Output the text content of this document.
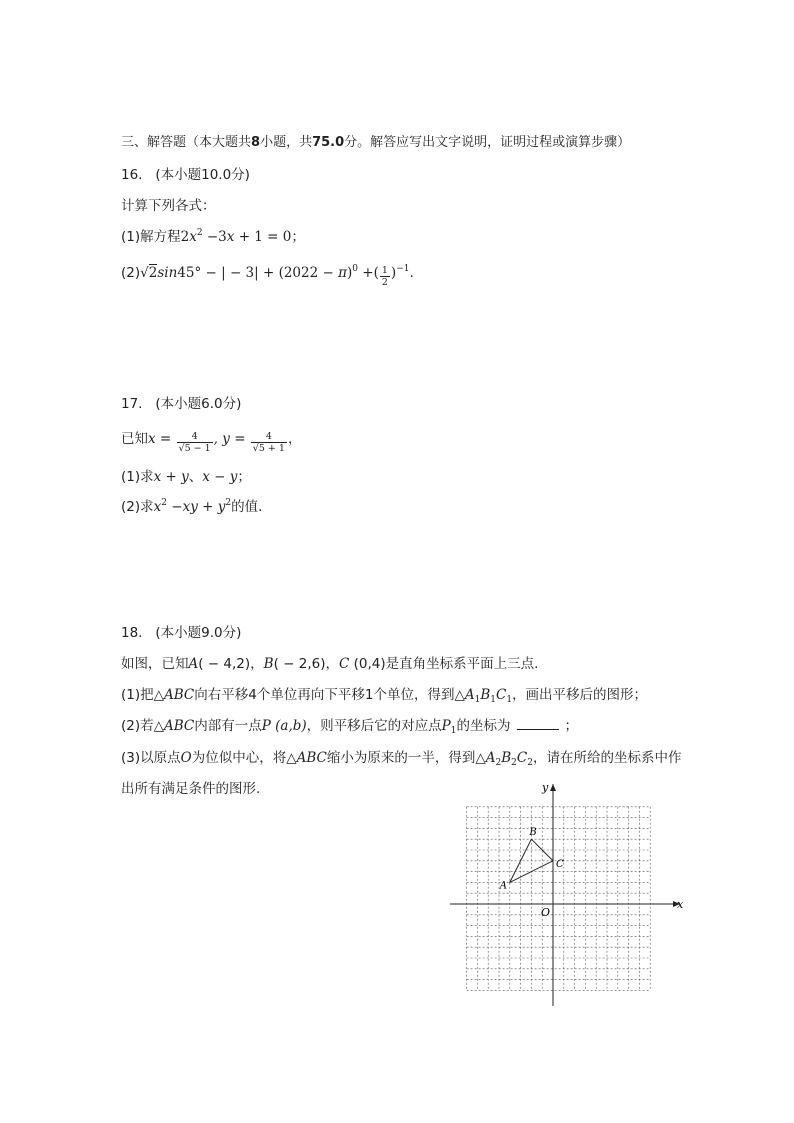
三、解答题（本大题共8小题，共75.0分。解答应写出文字说明，证明过程或演算步骤）
16. (本小题10.0分)
计算下列各式：
(1)解方程$2x^2 -3x + 1 = 0$；
(2)√2sin45° − | − $3| + (2022 - \pi)^0$ +( $\frac{1}{2} )^{-1}$.
17. (本小题6.0分)
已知$x = \frac{4}{√5 - 1}$ , $y = \frac{4}{√5 + 1}$ ，
(1)求x + y、x − y；
(2)求$x^2 -xy + y^2$的值.
18. (本小题9.0分)
如图，已知A( − 4,2)，B( − 2,6)，C (0,4)是直角坐标系平面上三点.
(1)把△ABC向右平移4个单位再向下平移1个单位，得到$\triangle A_1B_1C_1$，画出平移后的图形；
(2)若△ABC内部有一点P (a,b)，则平移后它的对应点$P_1$的坐标为	；
(3)以原点O为位似中心，将△ABC缩小为原来的一半，得到$\triangle A_2B_2C_2$，请在所给的坐标系中作
出所有满足条件的图形.
x
y
O
A
B
C
